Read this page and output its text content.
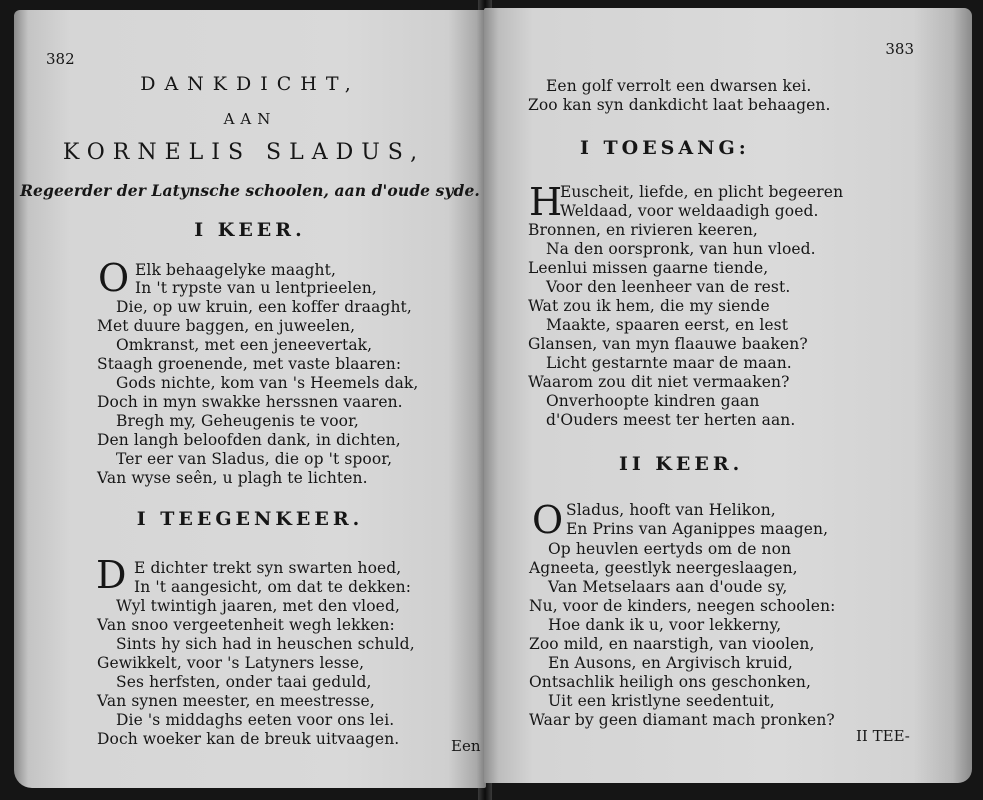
382
DANKDICHT,
AAN
KORNELIS SLADUS,
Regeerder der Latynsche schoolen, aan d'oude syde.
I KEER.
O Elk behaagelyke maaght,
In 't rypste van u lentprieelen,
Die, op uw kruin, een koffer draaght,
Met duure baggen, en juweelen,
Omkranst, met een jeneevertak,
Staagh groenende, met vaste blaaren:
Gods nichte, kom van 's Heemels dak,
Doch in myn swakke herssnen vaaren.
Bregh my, Geheugenis te voor,
Den langh beloofden dank, in dichten,
Ter eer van Sladus, die op 't spoor,
Van wyse seên, u plagh te lichten.
I TEEGENKEER.
D E dichter trekt syn swarten hoed,
In 't aangesicht, om dat te dekken:
Wyl twintigh jaaren, met den vloed,
Van snoo vergeetenheit wegh lekken:
Sints hy sich had in heuschen schuld,
Gewikkelt, voor 's Latyners lesse,
Ses herfsten, onder taai geduld,
Van synen meester, en meestresse,
Die 's middaghs eeten voor ons lei.
Doch woeker kan de breuk uitvaagen.	Een
383
Een golf verrolt een dwarsen kei.
Zoo kan syn dankdicht laat behaagen.
I TOESANG:
H
Euscheit, liefde, en plicht begeeren
Weldaad, voor weldaadigh goed.
Bronnen, en rivieren keeren,
Na den oorspronk, van hun vloed.
Leenlui missen gaarne tiende,
Voor den leenheer van de rest.
Wat zou ik hem, die my siende
Maakte, spaaren eerst, en lest
Glansen, van myn flaauwe baaken?
Licht gestarnte maar de maan.
Waarom zou dit niet vermaaken?
Onverhoopte kindren gaan
d'Ouders meest ter herten aan.
II KEER.
O Sladus, hooft van Helikon,
En Prins van Aganippes maagen,
Op heuvlen eertyds om de non
Agneeta, geestlyk neergeslaagen,
Van Metselaars aan d'oude sy,
Nu, voor de kinders, neegen schoolen:
Hoe dank ik u, voor lekkerny,
Zoo mild, en naarstigh, van vioolen,
En Ausons, en Argivisch kruid,
Ontsachlik heiligh ons geschonken,
Uit een kristlyne seedentuit,
Waar by geen diamant mach pronken?
II TEE-
